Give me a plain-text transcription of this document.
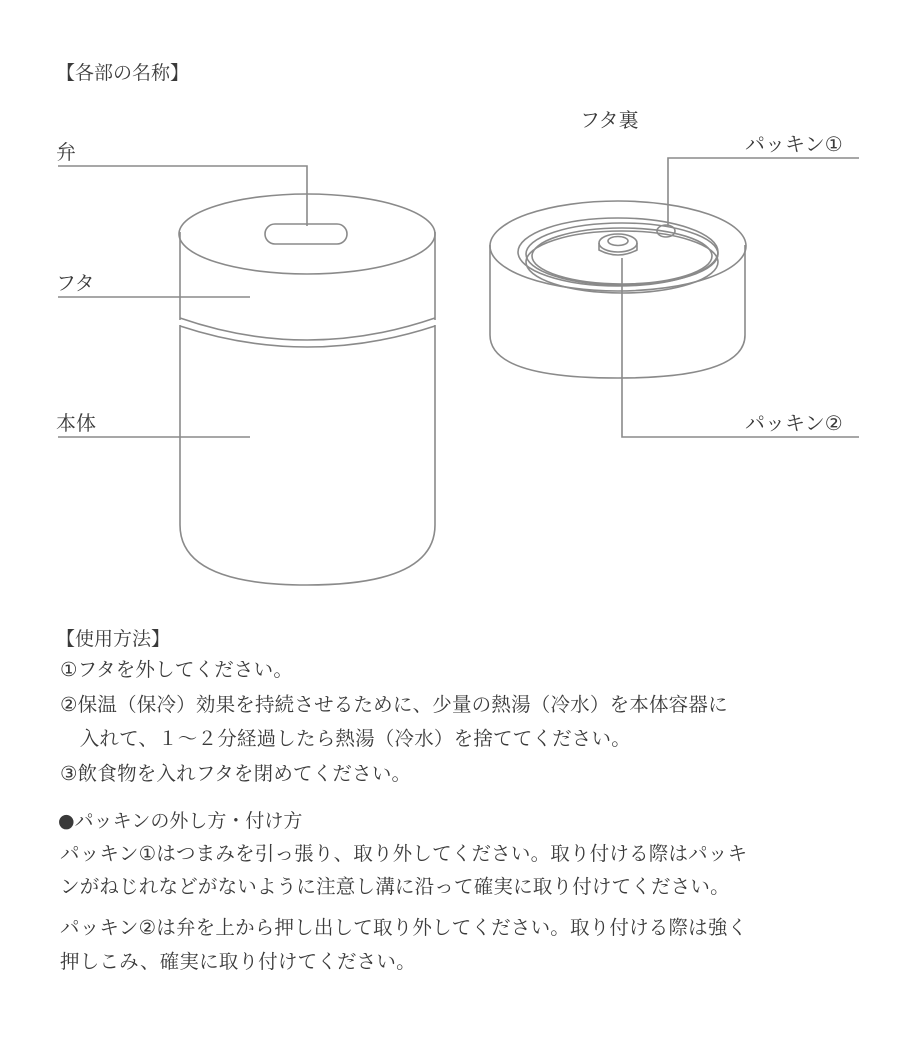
【各部の名称】
弁
フタ
本体
フタ裏
パッキン①
パッキン②
【使用方法】
①フタを外してください。
②保温（保冷）効果を持続させるために、少量の熱湯（冷水）を本体容器に
　入れて、１～２分経過したら熱湯（冷水）を捨ててください。
③飲食物を入れフタを閉めてください。
●パッキンの外し方・付け方
パッキン①はつまみを引っ張り、取り外してください。取り付ける際はパッキ
ンがねじれなどがないように注意し溝に沿って確実に取り付けてください。
パッキン②は弁を上から押し出して取り外してください。取り付ける際は強く
押しこみ、確実に取り付けてください。
